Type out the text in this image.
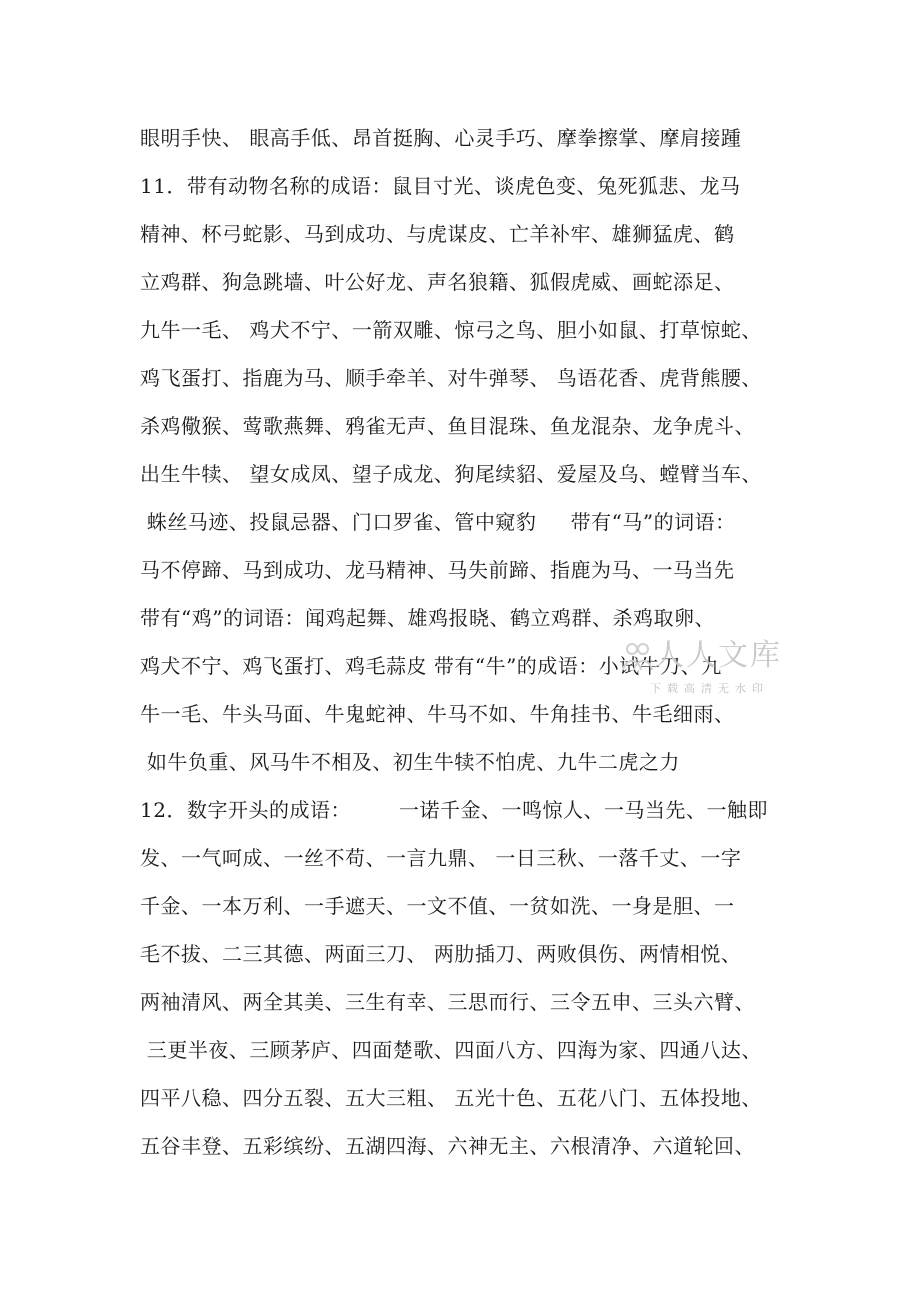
眼明手快、 眼高手低、昂首挺胸、心灵手巧、摩拳擦掌、摩肩接踵
11．带有动物名称的成语：鼠目寸光、谈虎色变、兔死狐悲、龙马
精神、杯弓蛇影、马到成功、与虎谋皮、亡羊补牢、雄狮猛虎、鹤
立鸡群、狗急跳墙、叶公好龙、声名狼籍、狐假虎威、画蛇添足、
九牛一毛、 鸡犬不宁、一箭双雕、惊弓之鸟、胆小如鼠、打草惊蛇、
鸡飞蛋打、指鹿为马、顺手牵羊、对牛弹琴、 鸟语花香、虎背熊腰、
杀鸡儆猴、莺歌燕舞、鸦雀无声、鱼目混珠、鱼龙混杂、龙争虎斗、
出生牛犊、 望女成凤、望子成龙、狗尾续貂、爱屋及乌、螳臂当车、
蛛丝马迹、投鼠忌器、门口罗雀、管中窥豹     带有“马”的词语：
马不停蹄、马到成功、龙马精神、马失前蹄、指鹿为马、一马当先
带有“鸡”的词语：闻鸡起舞、雄鸡报晓、鹤立鸡群、杀鸡取卵、
鸡犬不宁、鸡飞蛋打、鸡毛蒜皮 带有“牛”的成语：小试牛刀、九
牛一毛、牛头马面、牛鬼蛇神、牛马不如、牛角挂书、牛毛细雨、
如牛负重、风马牛不相及、初生牛犊不怕虎、九牛二虎之力
12．数字开头的成语：       一诺千金、一鸣惊人、一马当先、一触即
发、一气呵成、一丝不苟、一言九鼎、 一日三秋、一落千丈、一字
千金、一本万利、一手遮天、一文不值、一贫如洗、一身是胆、一
毛不拔、二三其德、两面三刀、 两肋插刀、两败俱伤、两情相悦、
两袖清风、两全其美、三生有幸、三思而行、三令五申、三头六臂、
三更半夜、三顾茅庐、四面楚歌、四面八方、四海为家、四通八达、
四平八稳、四分五裂、五大三粗、 五光十色、五花八门、五体投地、
五谷丰登、五彩缤纷、五湖四海、六神无主、六根清净、六道轮回、
人人文库
下载高清无水印
